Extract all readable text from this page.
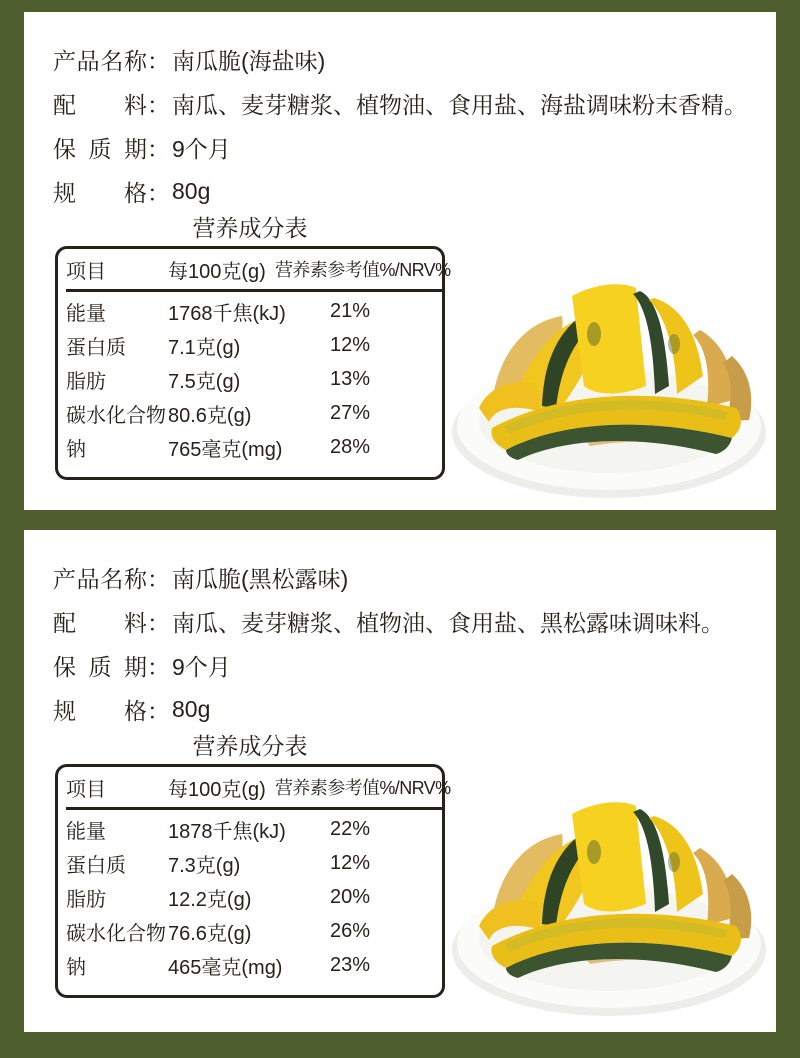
产品名称 ： 南瓜脆(海盐味)
配料 ： 南瓜、麦芽糖浆、植物油、食用盐、海盐调味粉末香精。
保质期 ： 9个月
规格 ： 80g
营养成分表
项目	每100克(g) 营养素参考值%/NRV%
能量	1768千焦(kJ)	21%
蛋白质	7.1克(g)	12%
脂肪	7.5克(g)	13%
碳水化合物 80.6克(g)	27%
钠	765毫克(mg)	28%
产品名称 ： 南瓜脆(黑松露味)
配料 ： 南瓜、麦芽糖浆、植物油、食用盐、黑松露味调味料。
保质期 ： 9个月
规格 ： 80g
营养成分表
项目	每100克(g) 营养素参考值%/NRV%
能量	1878千焦(kJ)	22%
蛋白质	7.3克(g)	12%
脂肪	12.2克(g)	20%
碳水化合物 76.6克(g)	26%
钠	465毫克(mg)	23%
